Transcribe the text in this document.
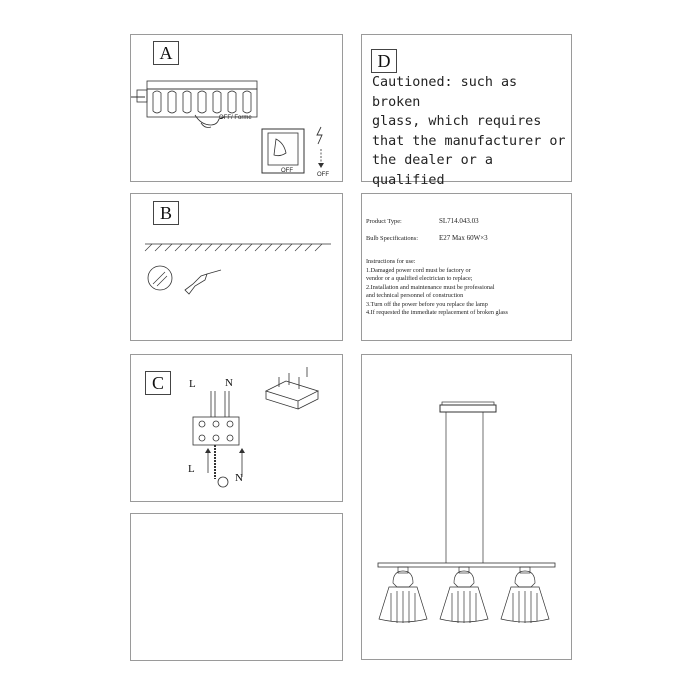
A
OFF/ Forme
OFF
OFF
D
Cautioned: such as broken
glass, which requires
that the manufacturer or
the dealer or a qualified
B	Product Type:	SL714.043.03
Bulb Specifications:	E27 Max 60W×3
Instructions for use:
1.Damaged power cord must be factory or
vendor or a qualified electrician to replace;
2.Installation and maintenance must be professional
and technical personnel of construction
3.Turn off the power before you replace the lamp
4.If requested the immediate replacement of broken glass
C	L	N
L
N
